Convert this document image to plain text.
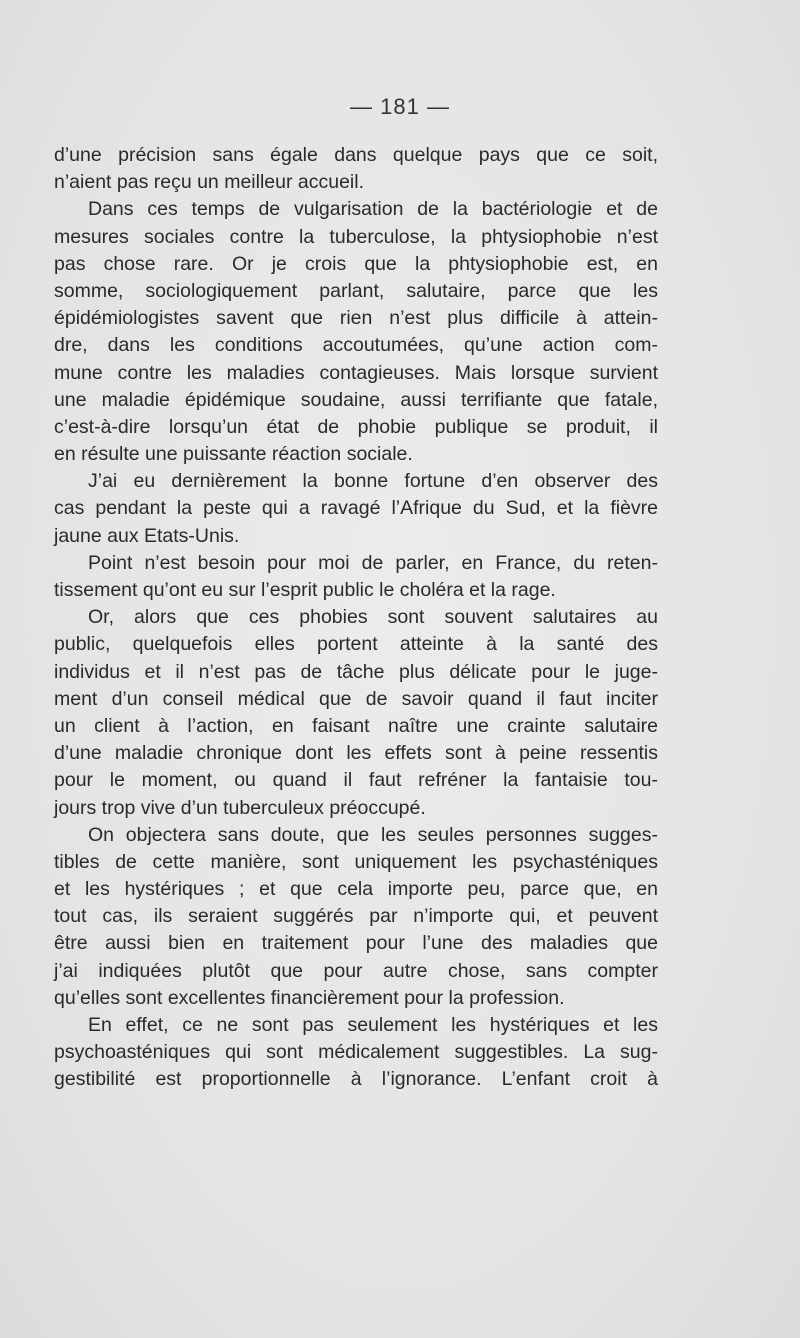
— 181 —
d’une précision sans égale dans quelque pays que ce soit,
n’aient pas reçu un meilleur accueil.
Dans ces temps de vulgarisation de la bactériologie et de
mesures sociales contre la tuberculose, la phtysiophobie n’est
pas chose rare. Or je crois que la phtysiophobie est, en
somme, sociologiquement parlant, salutaire, parce que les
épidémiologistes savent que rien n’est plus difficile à attein-
dre, dans les conditions accoutumées, qu’une action com-
mune contre les maladies contagieuses. Mais lorsque survient
une maladie épidémique soudaine, aussi terrifiante que fatale,
c’est-à-dire lorsqu’un état de phobie publique se produit, il
en résulte une puissante réaction sociale.
J’ai eu dernièrement la bonne fortune d’en observer des
cas pendant la peste qui a ravagé l’Afrique du Sud, et la fièvre
jaune aux Etats-Unis.
Point n’est besoin pour moi de parler, en France, du reten-
tissement qu’ont eu sur l’esprit public le choléra et la rage.
Or, alors que ces phobies sont souvent salutaires au
public, quelquefois elles portent atteinte à la santé des
individus et il n’est pas de tâche plus délicate pour le juge-
ment d’un conseil médical que de savoir quand il faut inciter
un client à l’action, en faisant naître une crainte salutaire
d’une maladie chronique dont les effets sont à peine ressentis
pour le moment, ou quand il faut refréner la fantaisie tou-
jours trop vive d’un tuberculeux préoccupé.
On objectera sans doute, que les seules personnes sugges-
tibles de cette manière, sont uniquement les psychasténiques
et les hystériques ; et que cela importe peu, parce que, en
tout cas, ils seraient suggérés par n’importe qui, et peuvent
être aussi bien en traitement pour l’une des maladies que
j’ai indiquées plutôt que pour autre chose, sans compter
qu’elles sont excellentes financièrement pour la profession.
En effet, ce ne sont pas seulement les hystériques et les
psychoasténiques qui sont médicalement suggestibles. La sug-
gestibilité est proportionnelle à l’ignorance. L’enfant croit à
